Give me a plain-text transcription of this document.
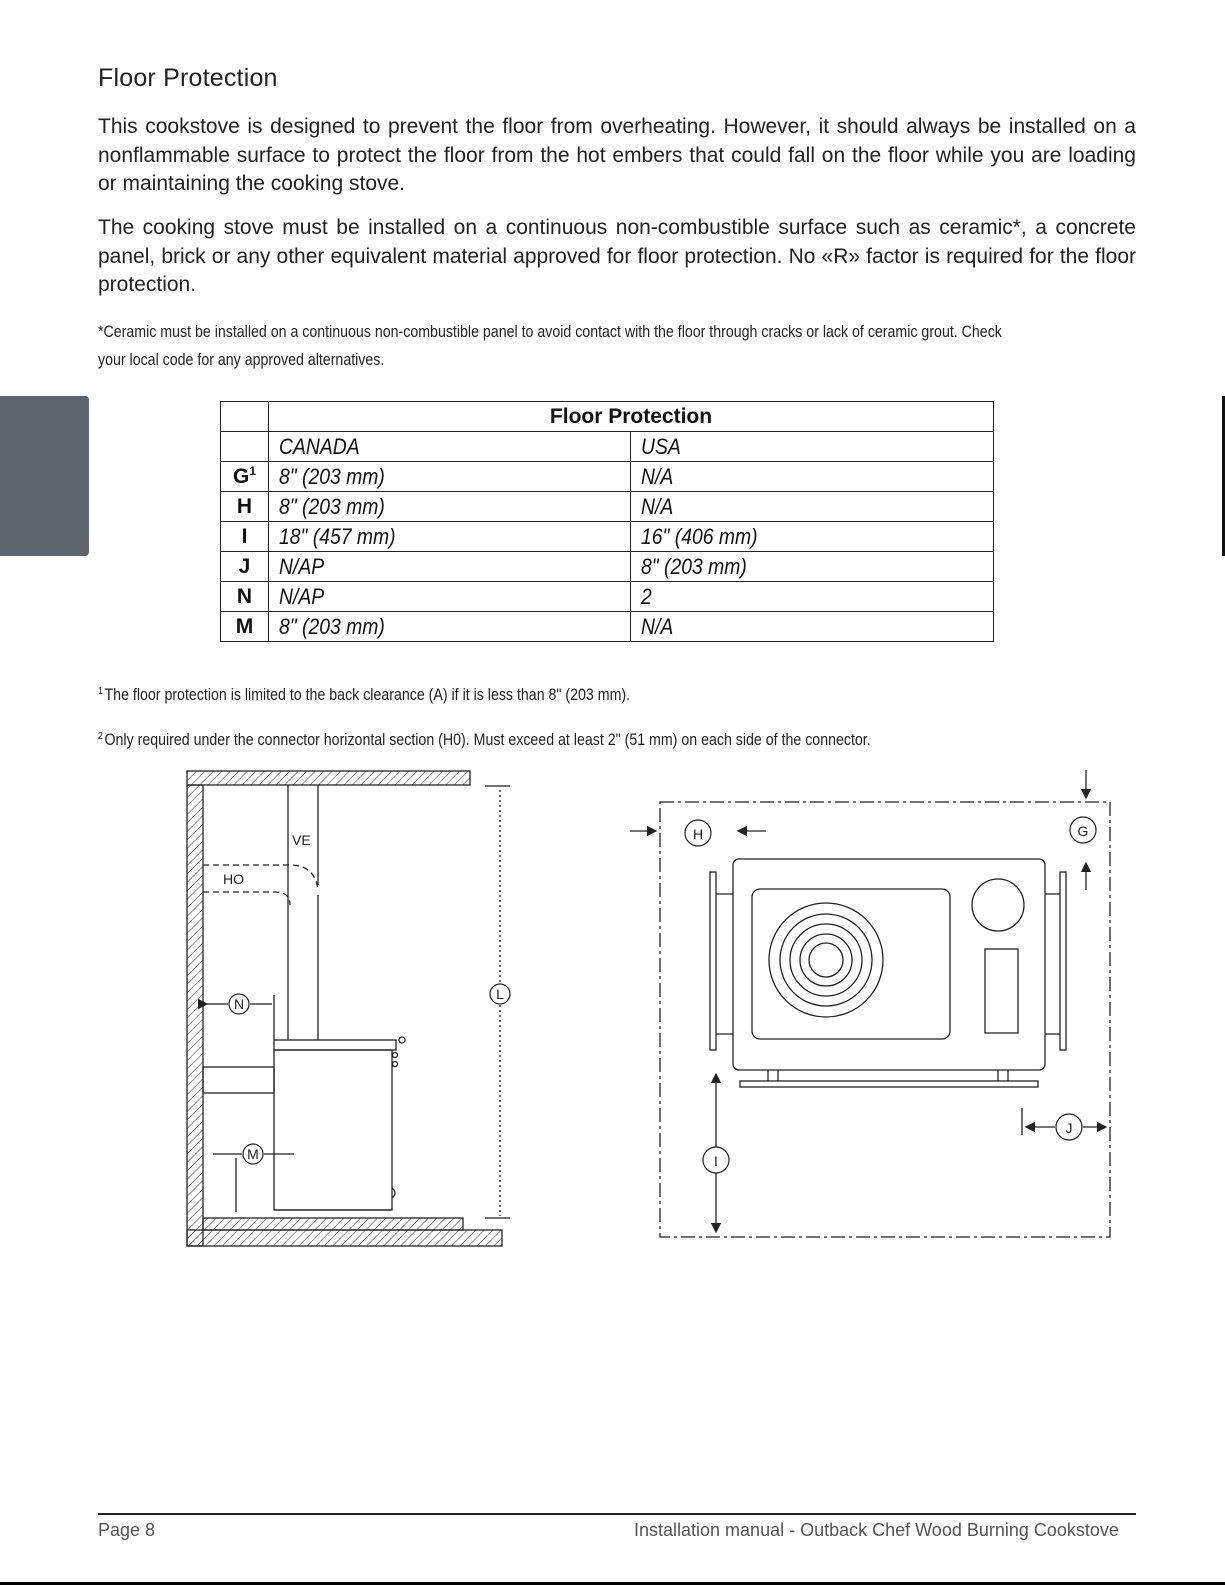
Floor Protection

This cookstove is designed to prevent the floor from overheating. However, it should always be installed on a nonflammable surface to protect the floor from the hot embers that could fall on the floor while you are loading or maintaining the cooking stove.

The cooking stove must be installed on a continuous non-combustible surface such as ceramic*, a concrete panel, brick or any other equivalent material approved for floor protection. No «R» factor is required for the floor protection.

*Ceramic must be installed on a continuous non-combustible panel to avoid contact with the floor through cracks or lack of ceramic grout. Check
your local code for any approved alternatives.
	Floor Protection	
	CANADA	USA
$G^1$	8" (203 mm)	N/A
H	8" (203 mm)	N/A
I	18" (457 mm)	16" (406 mm)
J	N/AP	8" (203 mm)
N	N/AP	2
M	8" (203 mm)	N/A
$^1$ The floor protection is limited to the back clearance (A) if it is less than 8" (203 mm).
$^2$ Only required under the connector horizontal section (H0). Must exceed at least 2" (51 mm) on each side of the connector.
VE
HO
N
M
L
H	G
I
J
Page 8	Installation manual - Outback Chef Wood Burning Cookstove
